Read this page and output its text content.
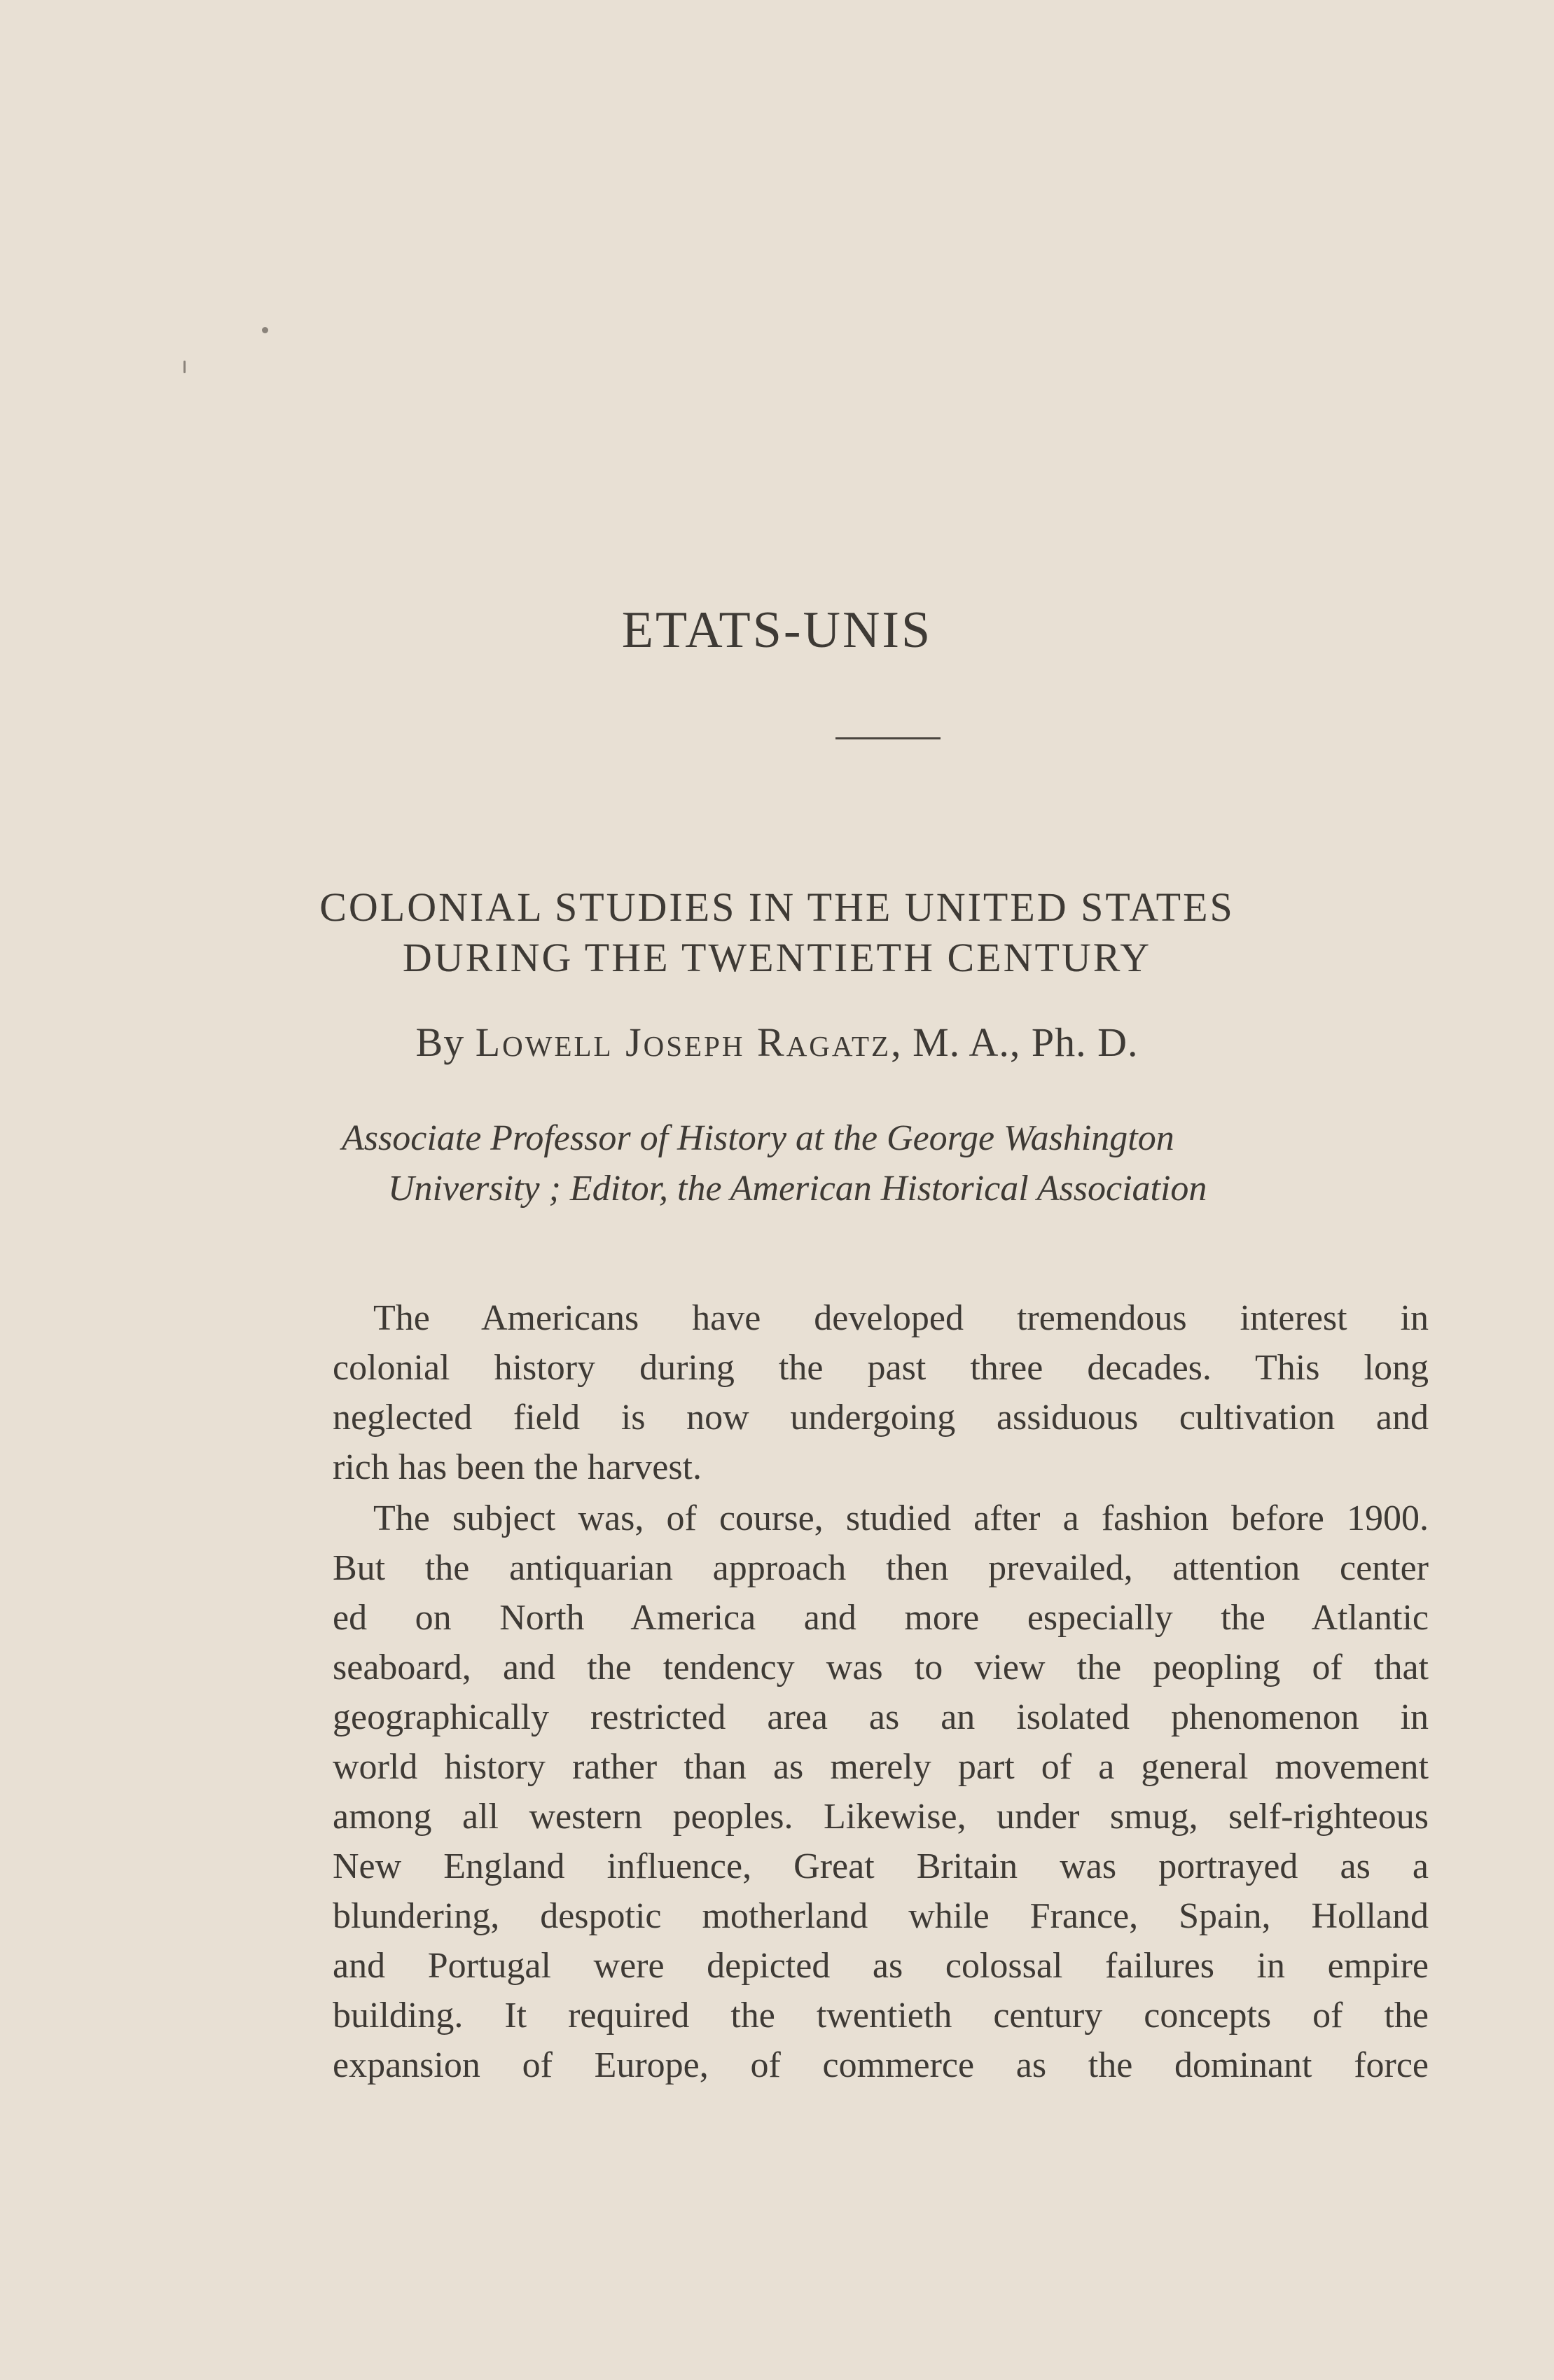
ETATS-UNIS
COLONIAL STUDIES IN THE UNITED STATES
DURING THE TWENTIETH CENTURY
By Lowell Joseph Ragatz, M. A., Ph. D.
Associate Professor of History at the George Washington
University ; Editor, the American Historical Association
The Americans have developed tremendous interest in
colonial history during the past three decades. This long
neglected field is now undergoing assiduous cultivation and
rich has been the harvest.
The subject was, of course, studied after a fashion before 1900.
But the antiquarian approach then prevailed, attention center
ed on North America and more especially the Atlantic
seaboard, and the tendency was to view the peopling of that
geographically restricted area as an isolated phenomenon in
world history rather than as merely part of a general movement
among all western peoples. Likewise, under smug, self-righteous
New England influence, Great Britain was portrayed as a
blundering, despotic motherland while France, Spain, Holland
and Portugal were depicted as colossal failures in empire
building. It required the twentieth century concepts of the
expansion of Europe, of commerce as the dominant force
